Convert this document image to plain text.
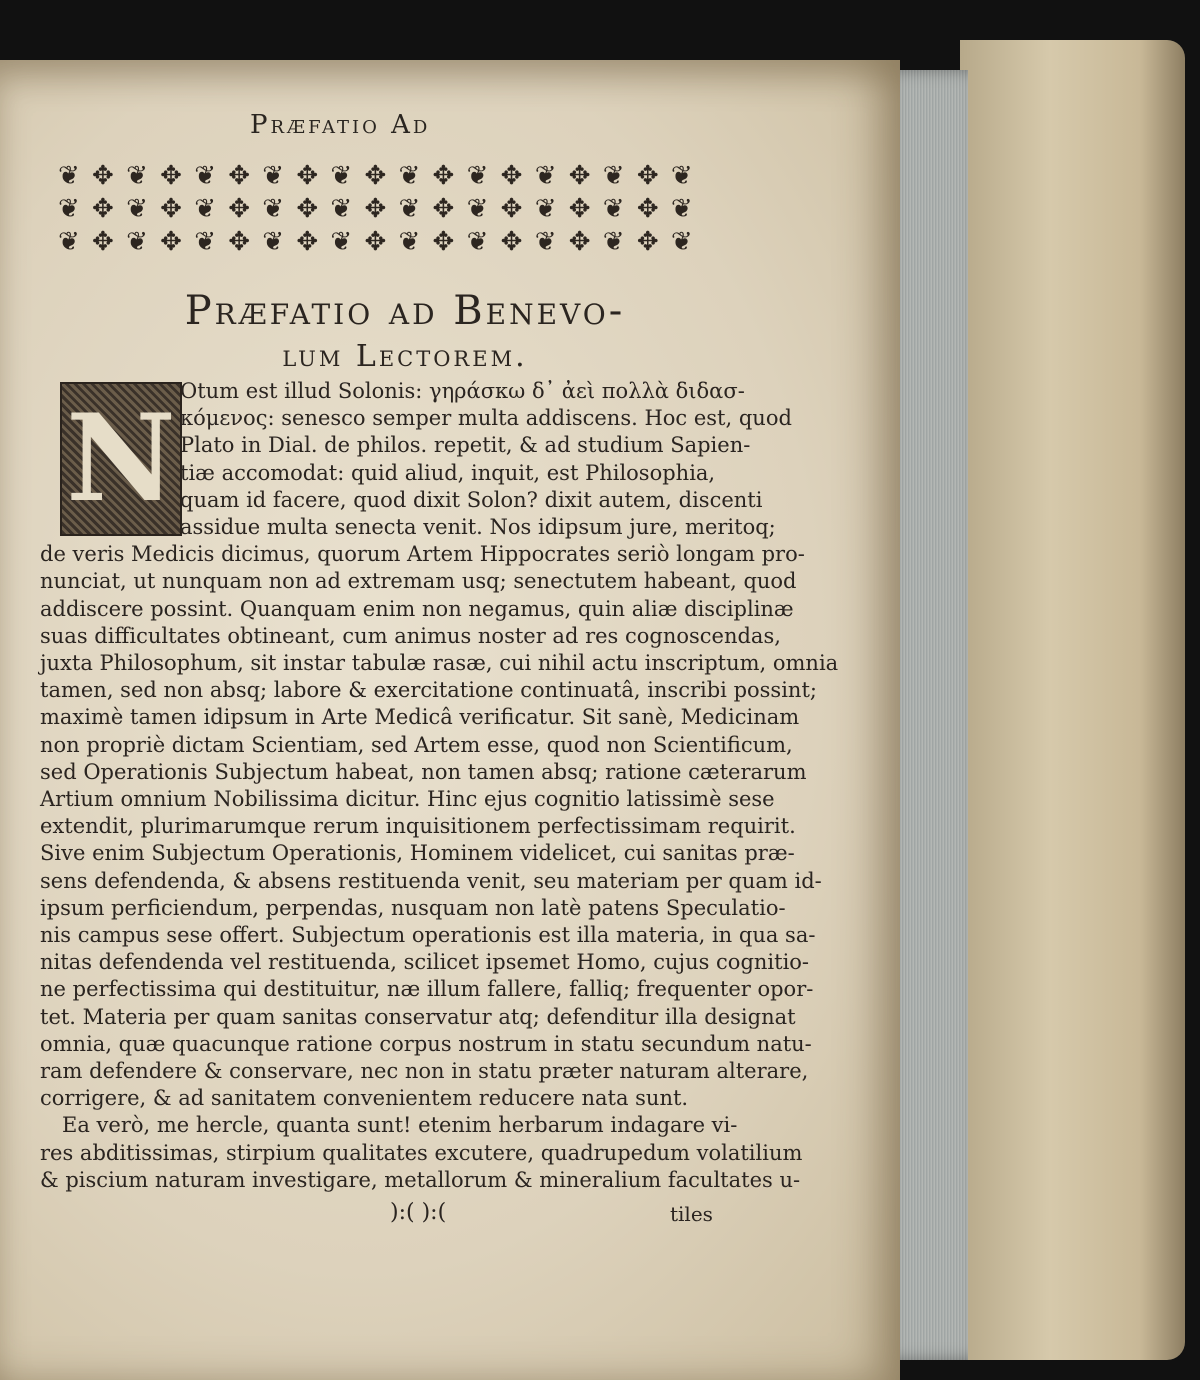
Præfatio Ad
❦ ✥ ❦ ✥ ❦ ✥ ❦ ✥ ❦ ✥ ❦ ✥ ❦ ✥ ❦ ✥ ❦ ✥ ❦
❦ ✥ ❦ ✥ ❦ ✥ ❦ ✥ ❦ ✥ ❦ ✥ ❦ ✥ ❦ ✥ ❦ ✥ ❦
❦ ✥ ❦ ✥ ❦ ✥ ❦ ✥ ❦ ✥ ❦ ✥ ❦ ✥ ❦ ✥ ❦ ✥ ❦
Præfatio ad Benevo-
lum Lectorem.
N Otum est illud Solonis: γηράσκω δ᾽ ἀεὶ πολλὰ διδασ-
κόμενος: senesco semper multa addiscens. Hoc est, quod
Plato in Dial. de philos. repetit, & ad studium Sapien-
tiæ accomodat: quid aliud, inquit, est Philosophia,
quam id facere, quod dixit Solon? dixit autem, discenti
assidue multa senecta venit. Nos idipsum jure, meritoq;
de veris Medicis dicimus, quorum Artem Hippocrates seriò longam pro-
nunciat, ut nunquam non ad extremam usq; senectutem habeant, quod
addiscere possint. Quanquam enim non negamus, quin aliæ disciplinæ
suas difficultates obtineant, cum animus noster ad res cognoscendas,
juxta Philosophum, sit instar tabulæ rasæ, cui nihil actu inscriptum, omnia
tamen, sed non absq; labore & exercitatione continuatâ, inscribi possint;
maximè tamen idipsum in Arte Medicâ verificatur. Sit sanè, Medicinam
non propriè dictam Scientiam, sed Artem esse, quod non Scientificum,
sed Operationis Subjectum habeat, non tamen absq; ratione cæterarum
Artium omnium Nobilissima dicitur. Hinc ejus cognitio latissimè sese
extendit, plurimarumque rerum inquisitionem perfectissimam requirit.
Sive enim Subjectum Operationis, Hominem videlicet, cui sanitas præ-
sens defendenda, & absens restituenda venit, seu materiam per quam id-
ipsum perficiendum, perpendas, nusquam non latè patens Speculatio-
nis campus sese offert. Subjectum operationis est illa materia, in qua sa-
nitas defendenda vel restituenda, scilicet ipsemet Homo, cujus cognitio-
ne perfectissima qui destituitur, næ illum fallere, falliq; frequenter opor-
tet. Materia per quam sanitas conservatur atq; defenditur illa designat
omnia, quæ quacunque ratione corpus nostrum in statu secundum natu-
ram defendere & conservare, nec non in statu præter naturam alterare,
corrigere, & ad sanitatem convenientem reducere nata sunt.
Ea verò, me hercle, quanta sunt! etenim herbarum indagare vi-
res abditissimas, stirpium qualitates excutere, quadrupedum volatilium
& piscium naturam investigare, metallorum & mineralium facultates u-
):( ):(	tiles
